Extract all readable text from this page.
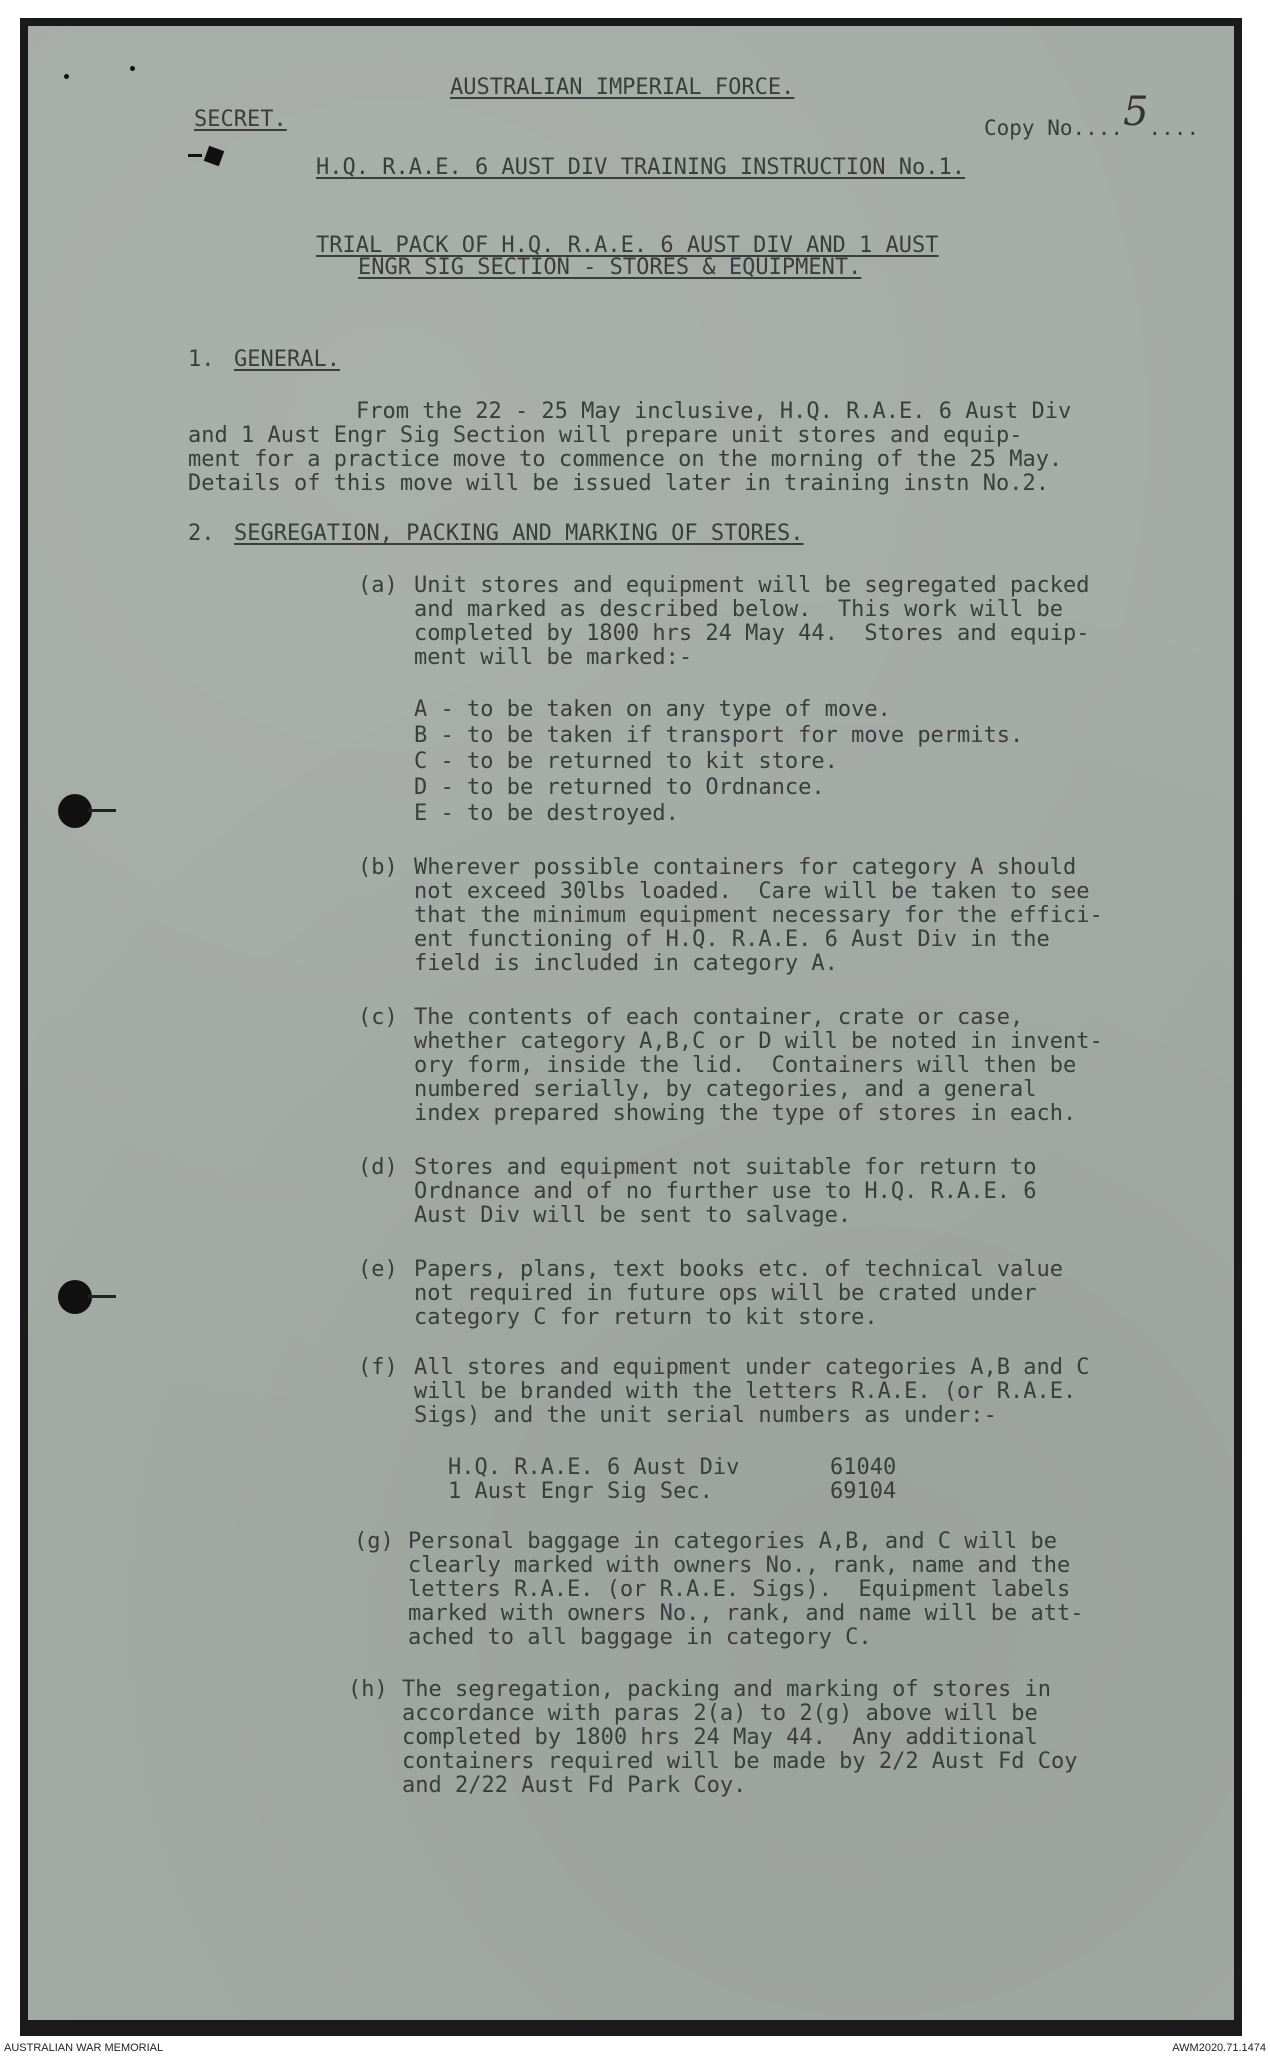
AUSTRALIAN IMPERIAL FORCE.
SECRET.	Copy No....5....
H.Q. R.A.E. 6 AUST DIV TRAINING INSTRUCTION No.1.
TRIAL PACK OF H.Q. R.A.E. 6 AUST DIV AND 1 AUST
ENGR SIG SECTION - STORES & EQUIPMENT.
1. GENERAL.
From the 22 - 25 May inclusive, H.Q. R.A.E. 6 Aust Div
and 1 Aust Engr Sig Section will prepare unit stores and equip-
ment for a practice move to commence on the morning of the 25 May.
Details of this move will be issued later in training instn No.2.
2. SEGREGATION, PACKING AND MARKING OF STORES.
(a) Unit stores and equipment will be segregated packed
and marked as described below.  This work will be
completed by 1800 hrs 24 May 44.  Stores and equip-
ment will be marked:-
A - to be taken on any type of move.
B - to be taken if transport for move permits.
C - to be returned to kit store.
D - to be returned to Ordnance.
E - to be destroyed.
(b) Wherever possible containers for category A should
not exceed 30lbs loaded.  Care will be taken to see
that the minimum equipment necessary for the effici-
ent functioning of H.Q. R.A.E. 6 Aust Div in the
field is included in category A.
(c) The contents of each container, crate or case,
whether category A,B,C or D will be noted in invent-
ory form, inside the lid.  Containers will then be
numbered serially, by categories, and a general
index prepared showing the type of stores in each.
(d) Stores and equipment not suitable for return to
Ordnance and of no further use to H.Q. R.A.E. 6
Aust Div will be sent to salvage.
(e) Papers, plans, text books etc. of technical value
not required in future ops will be crated under
category C for return to kit store.
(f) All stores and equipment under categories A,B and C
will be branded with the letters R.A.E. (or R.A.E.
Sigs) and the unit serial numbers as under:-
H.Q. R.A.E. 6 Aust Div	61040
1 Aust Engr Sig Sec.	69104
(g) Personal baggage in categories A,B, and C will be
clearly marked with owners No., rank, name and the
letters R.A.E. (or R.A.E. Sigs).  Equipment labels
marked with owners No., rank, and name will be att-
ached to all baggage in category C.
(h) The segregation, packing and marking of stores in
accordance with paras 2(a) to 2(g) above will be
completed by 1800 hrs 24 May 44.  Any additional
containers required will be made by 2/2 Aust Fd Coy
and 2/22 Aust Fd Park Coy.
AUSTRALIAN WAR MEMORIAL	AWM2020.71.1474
